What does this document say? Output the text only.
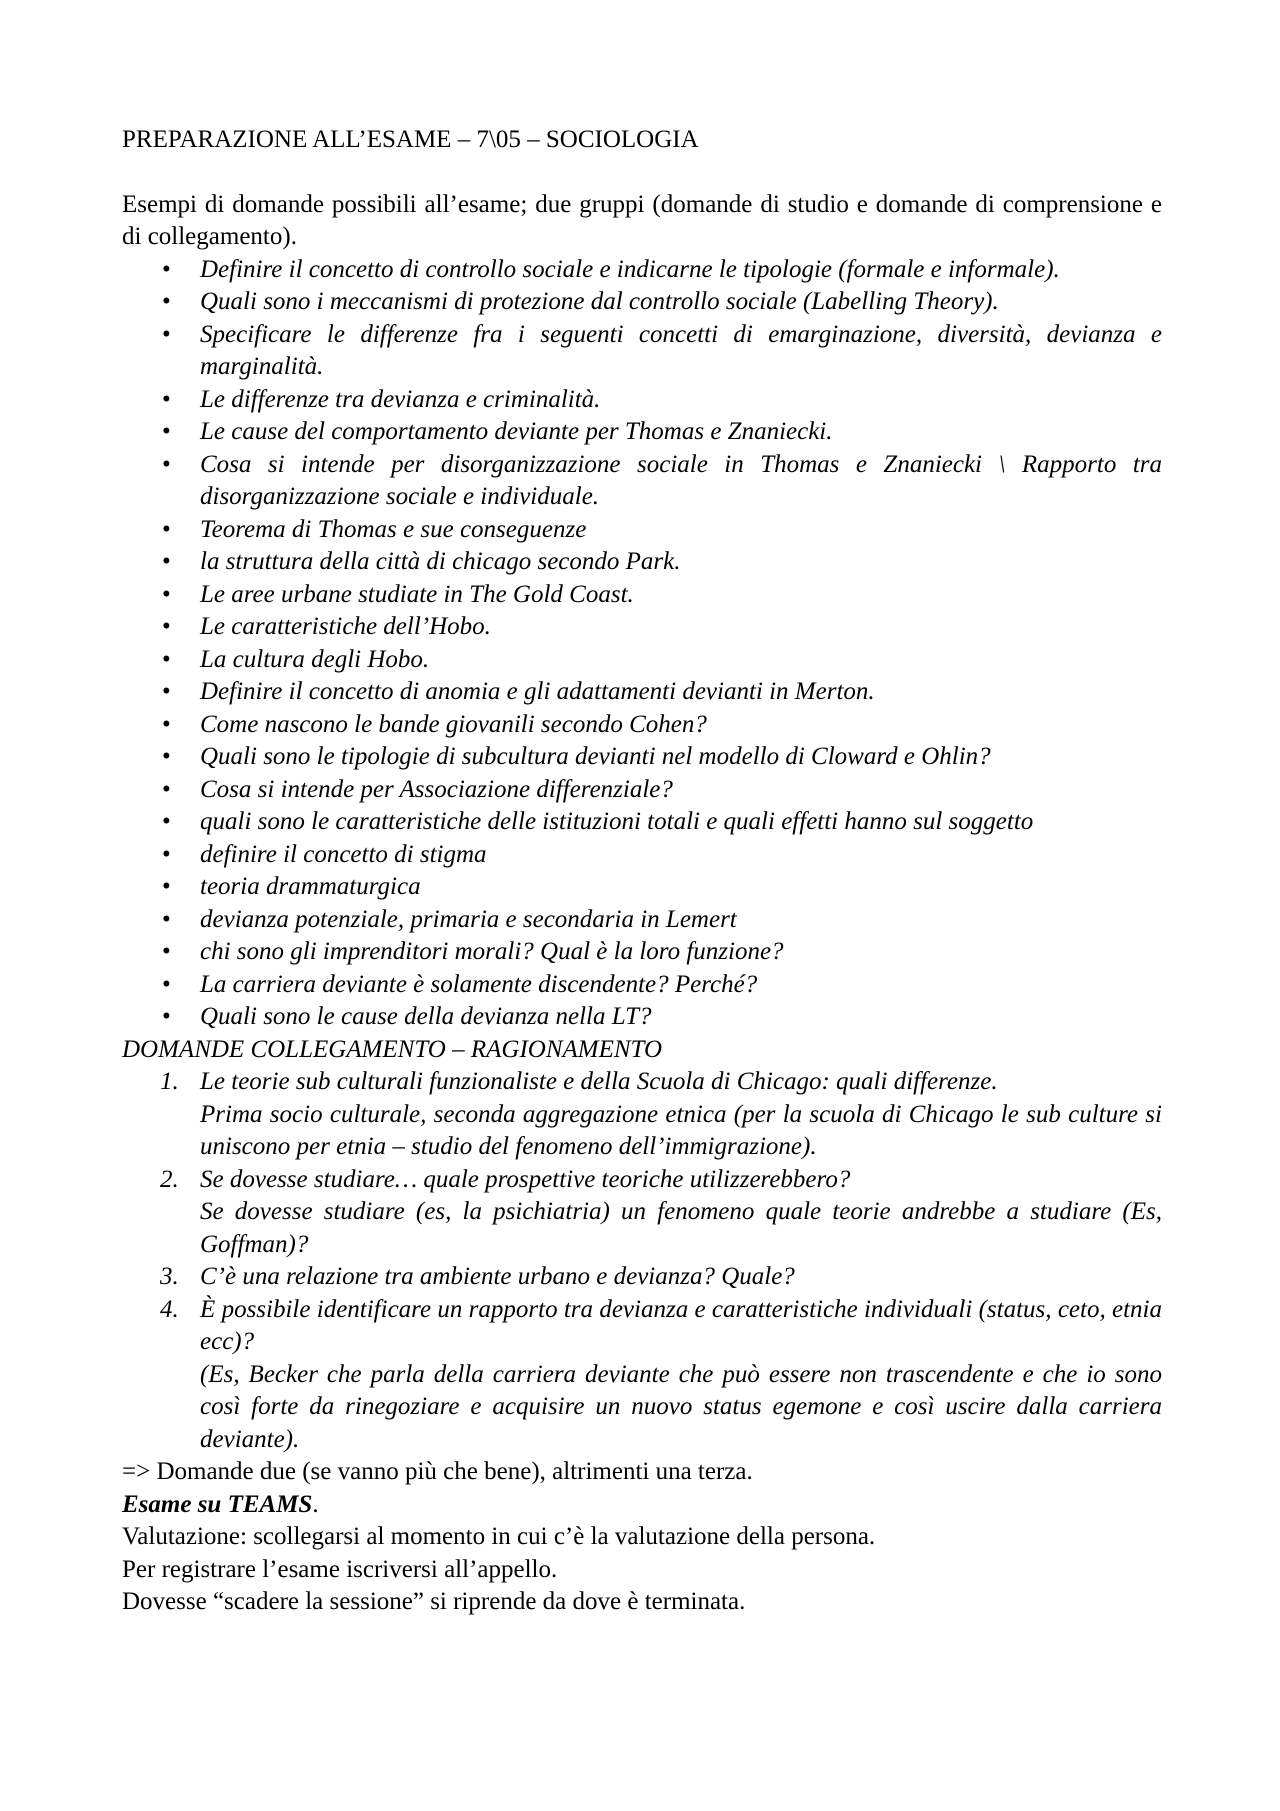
PREPARAZIONE ALL’ESAME – 7\05 – SOCIOLOGIA

Esempi di domande possibili all’esame; due gruppi (domande di studio e domande di comprensione e di collegamento).

• Definire il concetto di controllo sociale e indicarne le tipologie (formale e informale).
• Quali sono i meccanismi di protezione dal controllo sociale (Labelling Theory).
• Specificare le differenze fra i seguenti concetti di emarginazione, diversità, devianza e marginalità.
• Le differenze tra devianza e criminalità.
• Le cause del comportamento deviante per Thomas e Znaniecki.
• Cosa si intende per disorganizzazione sociale in Thomas e Znaniecki \ Rapporto tra disorganizzazione sociale e individuale.
• Teorema di Thomas e sue conseguenze
• la struttura della città di chicago secondo Park.
• Le aree urbane studiate in The Gold Coast.
• Le caratteristiche dell’Hobo.
• La cultura degli Hobo.
• Definire il concetto di anomia e gli adattamenti devianti in Merton.
• Come nascono le bande giovanili secondo Cohen?
• Quali sono le tipologie di subcultura devianti nel modello di Cloward e Ohlin?
• Cosa si intende per Associazione differenziale?
• quali sono le caratteristiche delle istituzioni totali e quali effetti hanno sul soggetto
• definire il concetto di stigma
• teoria drammaturgica
• devianza potenziale, primaria e secondaria in Lemert
• chi sono gli imprenditori morali? Qual è la loro funzione?
• La carriera deviante è solamente discendente? Perché?
• Quali sono le cause della devianza nella LT?

DOMANDE COLLEGAMENTO – RAGIONAMENTO

1. Le teorie sub culturali funzionaliste e della Scuola di Chicago: quali differenze.

Prima socio culturale, seconda aggregazione etnica (per la scuola di Chicago le sub culture si uniscono per etnia – studio del fenomeno dell’immigrazione).

2. Se dovesse studiare… quale prospettive teoriche utilizzerebbero?

Se dovesse studiare (es, la psichiatria) un fenomeno quale teorie andrebbe a studiare (Es, Goffman)?

3. C’è una relazione tra ambiente urbano e devianza? Quale?

4. È possibile identificare un rapporto tra devianza e caratteristiche individuali (status, ceto, etnia ecc)?

(Es, Becker che parla della carriera deviante che può essere non trascendente e che io sono così forte da rinegoziare e acquisire un nuovo status egemone e così uscire dalla carriera deviante).

=> Domande due (se vanno più che bene), altrimenti una terza.

Esame su TEAMS.

Valutazione: scollegarsi al momento in cui c’è la valutazione della persona.

Per registrare l’esame iscriversi all’appello.

Dovesse “scadere la sessione” si riprende da dove è terminata.
